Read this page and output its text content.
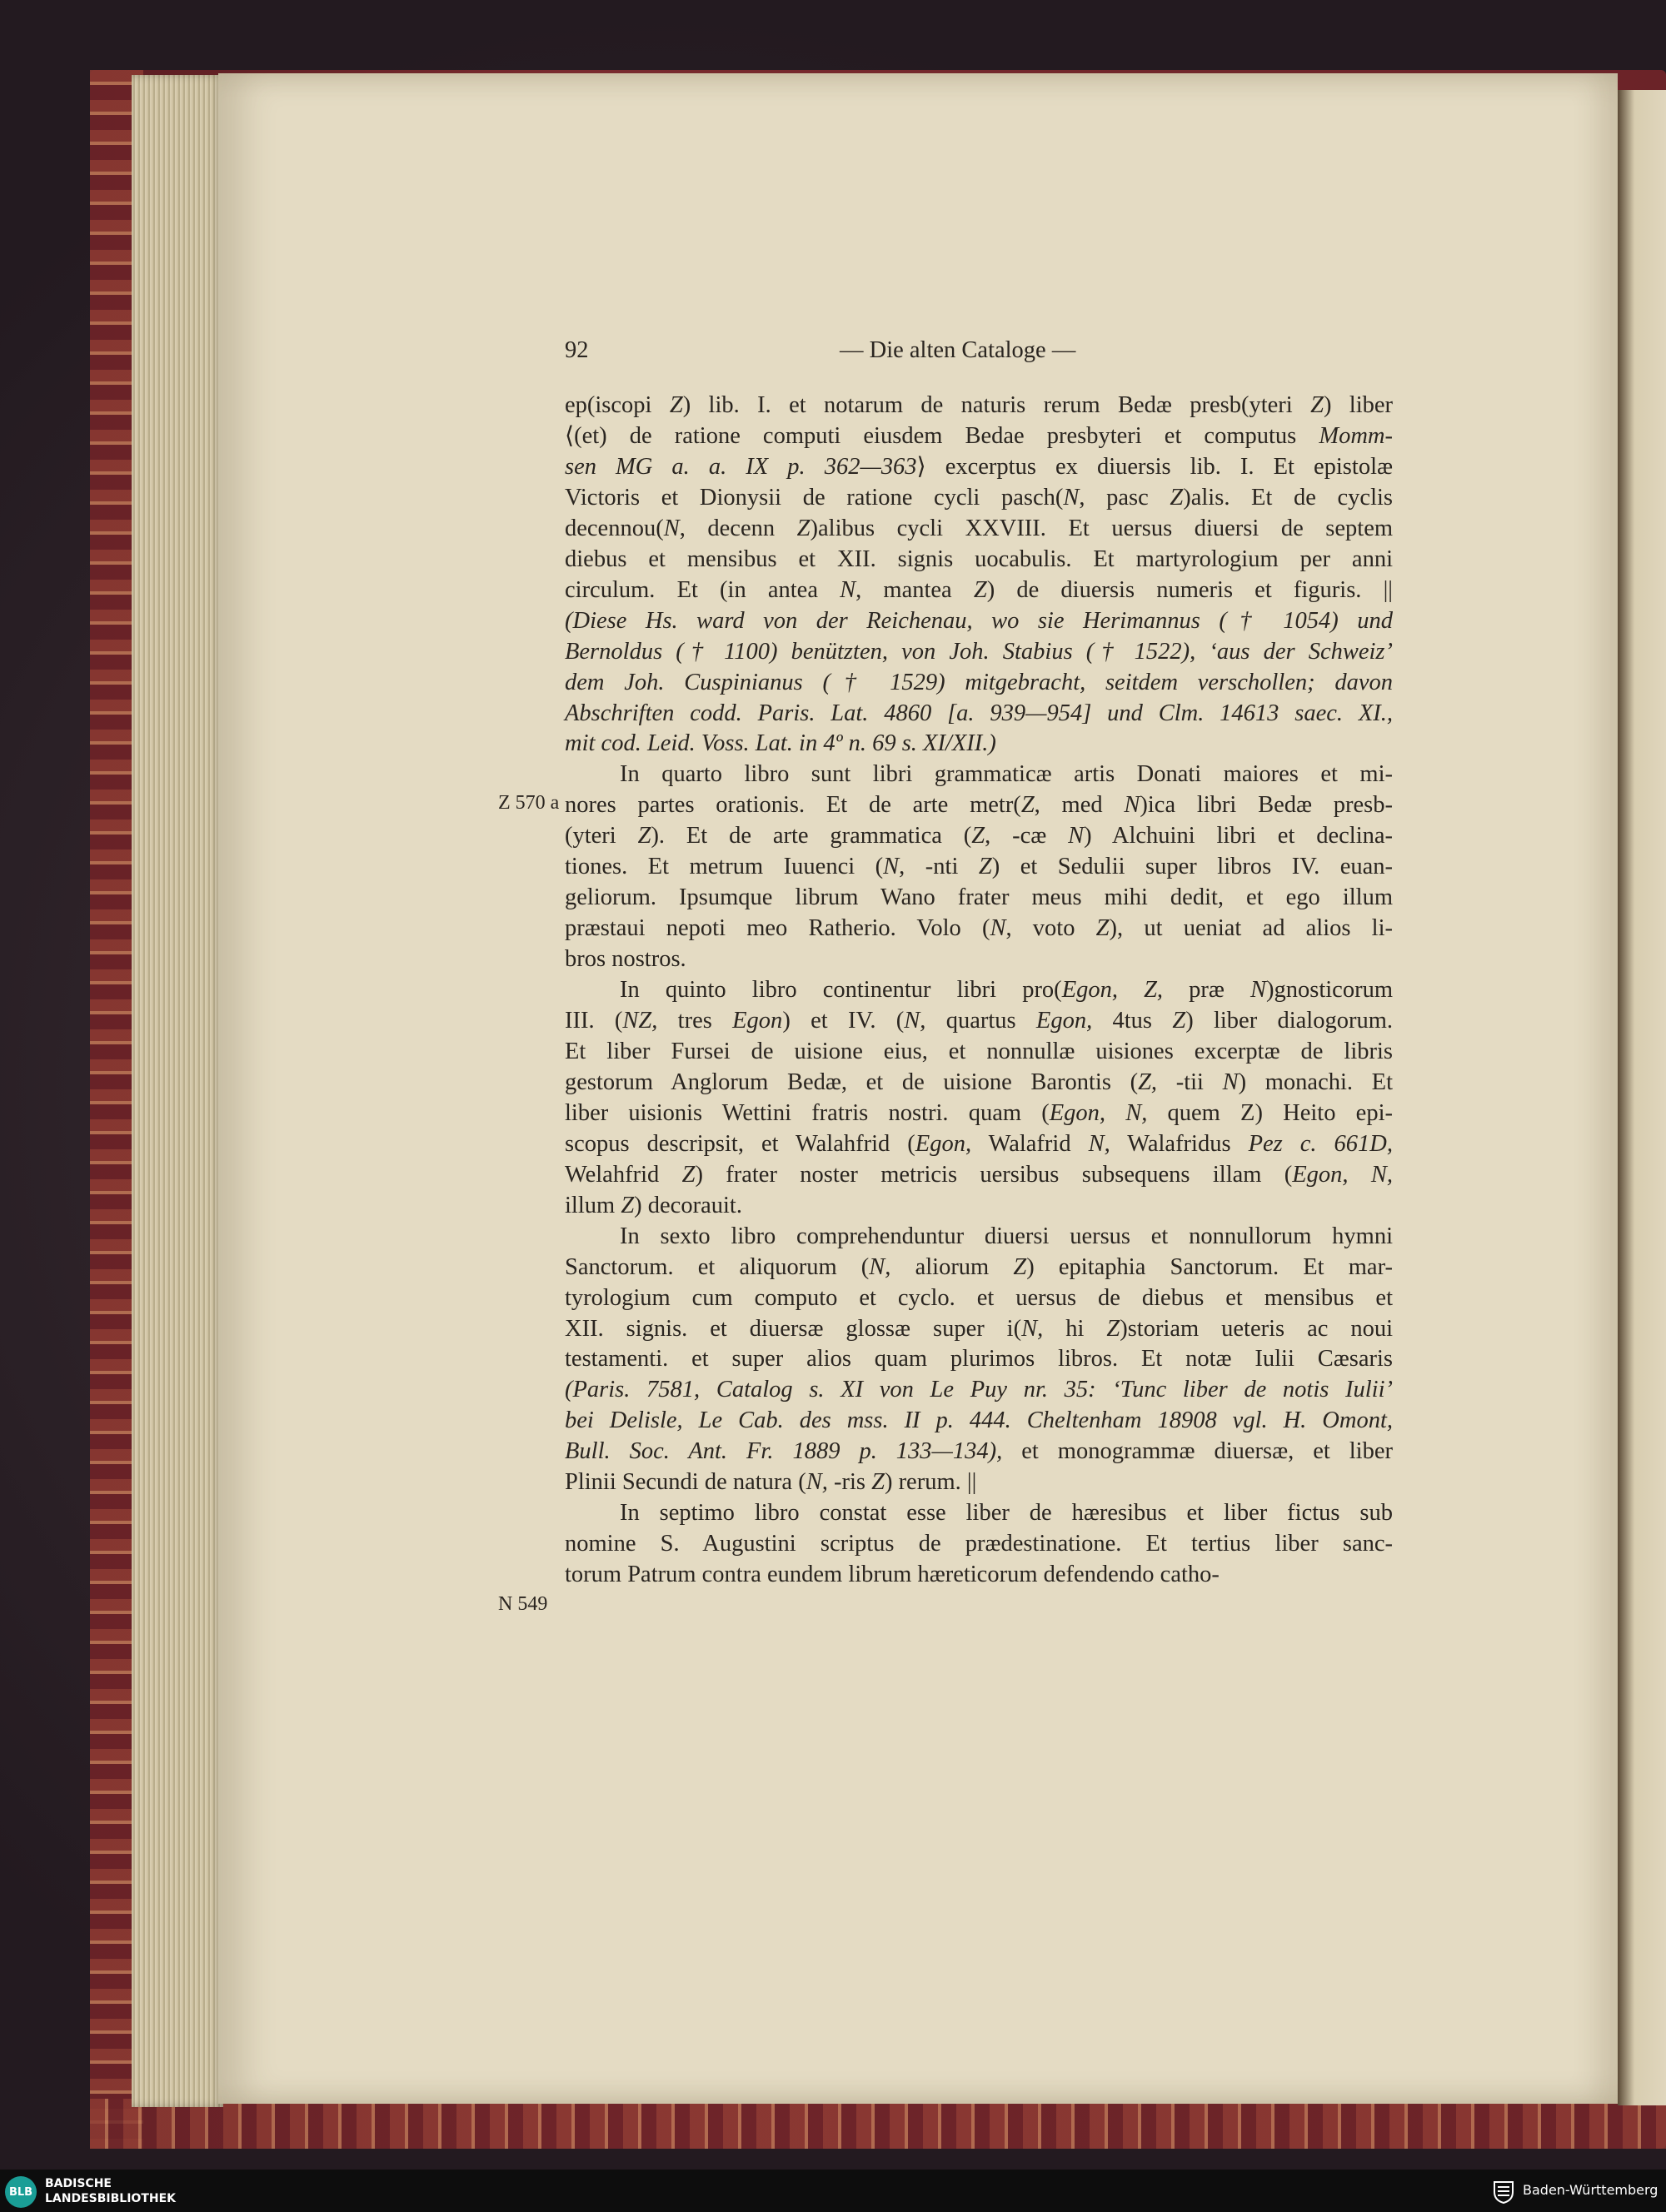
92	— Die alten Cataloge —
Z 570 a
N 549
ep(iscopi Z) lib. I. et notarum de naturis rerum Bedæ presb(yteri Z) liber
⟨(et) de ratione computi eiusdem Bedae presbyteri et computus Momm-
sen MG a. a. IX p. 362—363⟩ excerptus ex diuersis lib. I. Et epistolæ
Victoris et Dionysii de ratione cycli pasch(N, pasc Z)alis. Et de cyclis
decennou(N, decenn Z)alibus cycli XXVIII. Et uersus diuersi de septem
diebus et mensibus et XII. signis uocabulis. Et martyrologium per anni
circulum. Et (in antea N, mantea Z) de diuersis numeris et figuris. ||
(Diese Hs. ward von der Reichenau, wo sie Herimannus († 1054) und
Bernoldus († 1100) benützten, von Joh. Stabius († 1522), ‘aus der Schweiz’
dem Joh. Cuspinianus († 1529) mitgebracht, seitdem verschollen; davon
Abschriften codd. Paris. Lat. 4860 [a. 939—954] und Clm. 14613 saec. XI.,
mit cod. Leid. Voss. Lat. in 4º n. 69 s. XI/XII.)
In quarto libro sunt libri grammaticæ artis Donati maiores et mi-
nores partes orationis. Et de arte metr(Z, med N)ica libri Bedæ presb-
(yteri Z). Et de arte grammatica (Z, -cæ N) Alchuini libri et declina-
tiones. Et metrum Iuuenci (N, -nti Z) et Sedulii super libros IV. euan-
geliorum. Ipsumque librum Wano frater meus mihi dedit, et ego illum
præstaui nepoti meo Ratherio. Volo (N, voto Z), ut ueniat ad alios li-
bros nostros.
In quinto libro continentur libri pro(Egon, Z, præ N)gnosticorum
III. (NZ, tres Egon) et IV. (N, quartus Egon, 4tus Z) liber dialogorum.
Et liber Fursei de uisione eius, et nonnullæ uisiones excerptæ de libris
gestorum Anglorum Bedæ, et de uisione Barontis (Z, -tii N) monachi. Et
liber uisionis Wettini fratris nostri. quam (Egon, N, quem Z) Heito epi-
scopus descripsit, et Walahfrid (Egon, Walafrid N, Walafridus Pez c. 661D,
Welahfrid Z) frater noster metricis uersibus subsequens illam (Egon, N,
illum Z) decorauit.
In sexto libro comprehenduntur diuersi uersus et nonnullorum hymni
Sanctorum. et aliquorum (N, aliorum Z) epitaphia Sanctorum. Et mar-
tyrologium cum computo et cyclo. et uersus de diebus et mensibus et
XII. signis. et diuersæ glossæ super i(N, hi Z)storiam ueteris ac noui
testamenti. et super alios quam plurimos libros. Et notæ Iulii Cæsaris
(Paris. 7581, Catalog s. XI von Le Puy nr. 35: ‘Tunc liber de notis Iulii’
bei Delisle, Le Cab. des mss. II p. 444. Cheltenham 18908 vgl. H. Omont,
Bull. Soc. Ant. Fr. 1889 p. 133—134), et monogrammæ diuersæ, et liber
Plinii Secundi de natura (N, -ris Z) rerum. ||
In septimo libro constat esse liber de hæresibus et liber fictus sub
nomine S. Augustini scriptus de prædestinatione. Et tertius liber sanc-
torum Patrum contra eundem librum hæreticorum defendendo catho-
BLB
BADISCHE
LANDESBIBLIOTHEK
Baden-Württemberg
